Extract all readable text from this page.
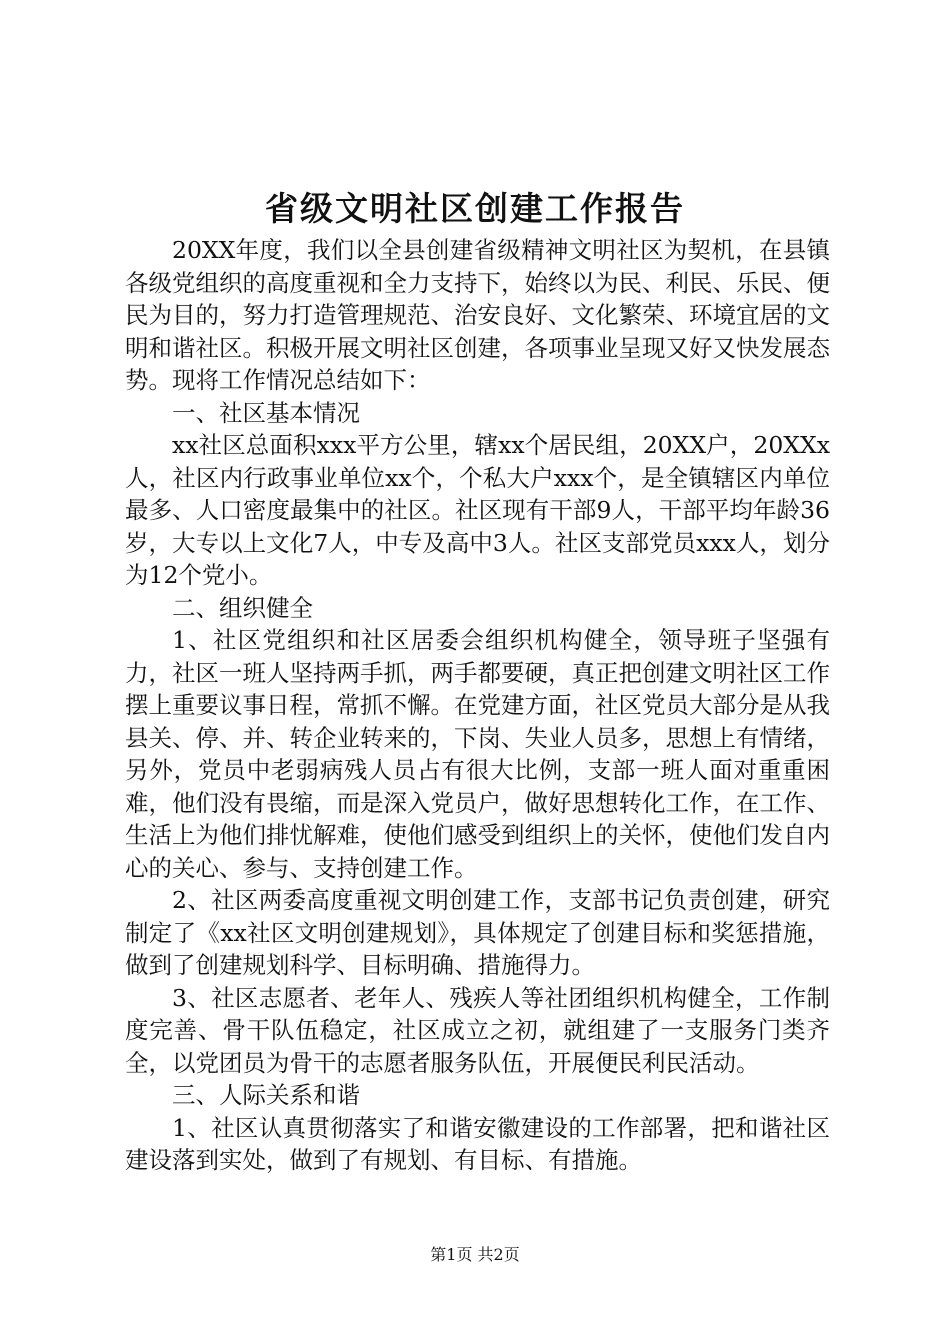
省级文明社区创建工作报告

20XX年度，我们以全县创建省级精神文明社区为契机，在县镇各级党组织的高度重视和全力支持下，始终以为民、利民、乐民、便民为目的，努力打造管理规范、治安良好、文化繁荣、环境宜居的文明和谐社区。积极开展文明社区创建，各项事业呈现又好又快发展态势。现将工作情况总结如下：

一、社区基本情况

xx社区总面积xxx平方公里，辖xx个居民组，20XX户，20XXx人，社区内行政事业单位xx个，个私大户xxx个，是全镇辖区内单位最多、人口密度最集中的社区。社区现有干部9人，干部平均年龄36岁，大专以上文化7人，中专及高中3人。社区支部党员xxx人，划分为12个党小。

二、组织健全

1、社区党组织和社区居委会组织机构健全，领导班子坚强有力，社区一班人坚持两手抓，两手都要硬，真正把创建文明社区工作摆上重要议事日程，常抓不懈。在党建方面，社区党员大部分是从我县关、停、并、转企业转来的，下岗、失业人员多，思想上有情绪，另外，党员中老弱病残人员占有很大比例，支部一班人面对重重困难，他们没有畏缩，而是深入党员户，做好思想转化工作，在工作、生活上为他们排忧解难，使他们感受到组织上的关怀，使他们发自内心的关心、参与、支持创建工作。

2、社区两委高度重视文明创建工作，支部书记负责创建，研究制定了《xx社区文明创建规划》，具体规定了创建目标和奖惩措施，做到了创建规划科学、目标明确、措施得力。

3、社区志愿者、老年人、残疾人等社团组织机构健全，工作制度完善、骨干队伍稳定，社区成立之初，就组建了一支服务门类齐全，以党团员为骨干的志愿者服务队伍，开展便民利民活动。

三、人际关系和谐

1、社区认真贯彻落实了和谐安徽建设的工作部署，把和谐社区建设落到实处，做到了有规划、有目标、有措施。

第1页 共2页
